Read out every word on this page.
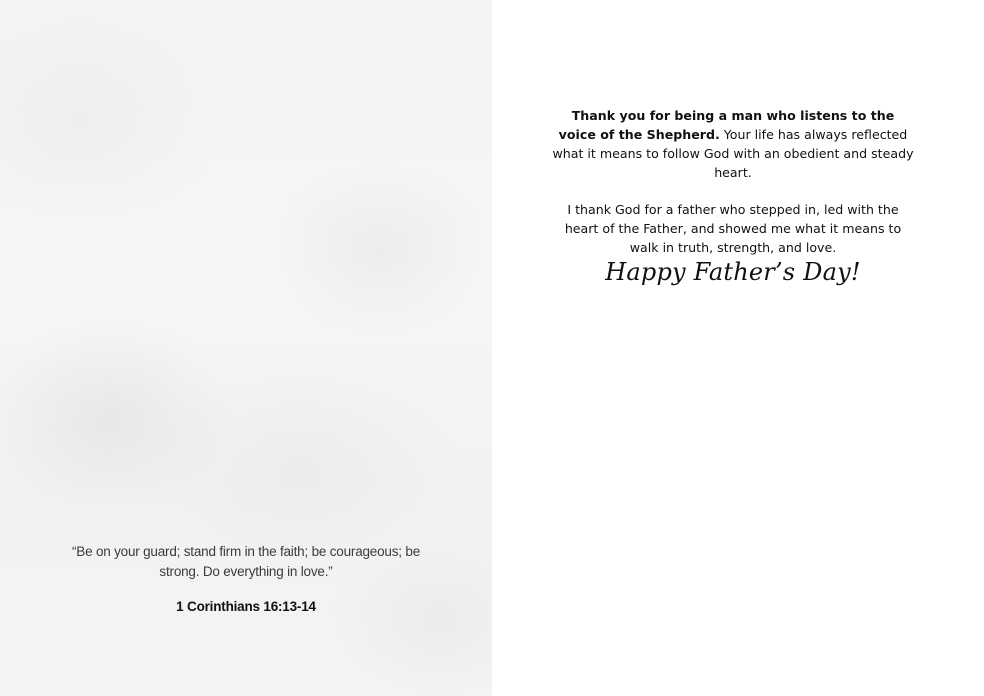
“Be on your guard; stand firm in the faith; be courageous; be strong. Do everything in love.”

1 Corinthians 16:13-14

Thank you for being a man who listens to the voice of the Shepherd. Your life has always reflected what it means to follow God with an obedient and steady heart.

I thank God for a father who stepped in, led with the heart of the Father, and showed me what it means to walk in truth, strength, and love.

Happy Father’s Day!
